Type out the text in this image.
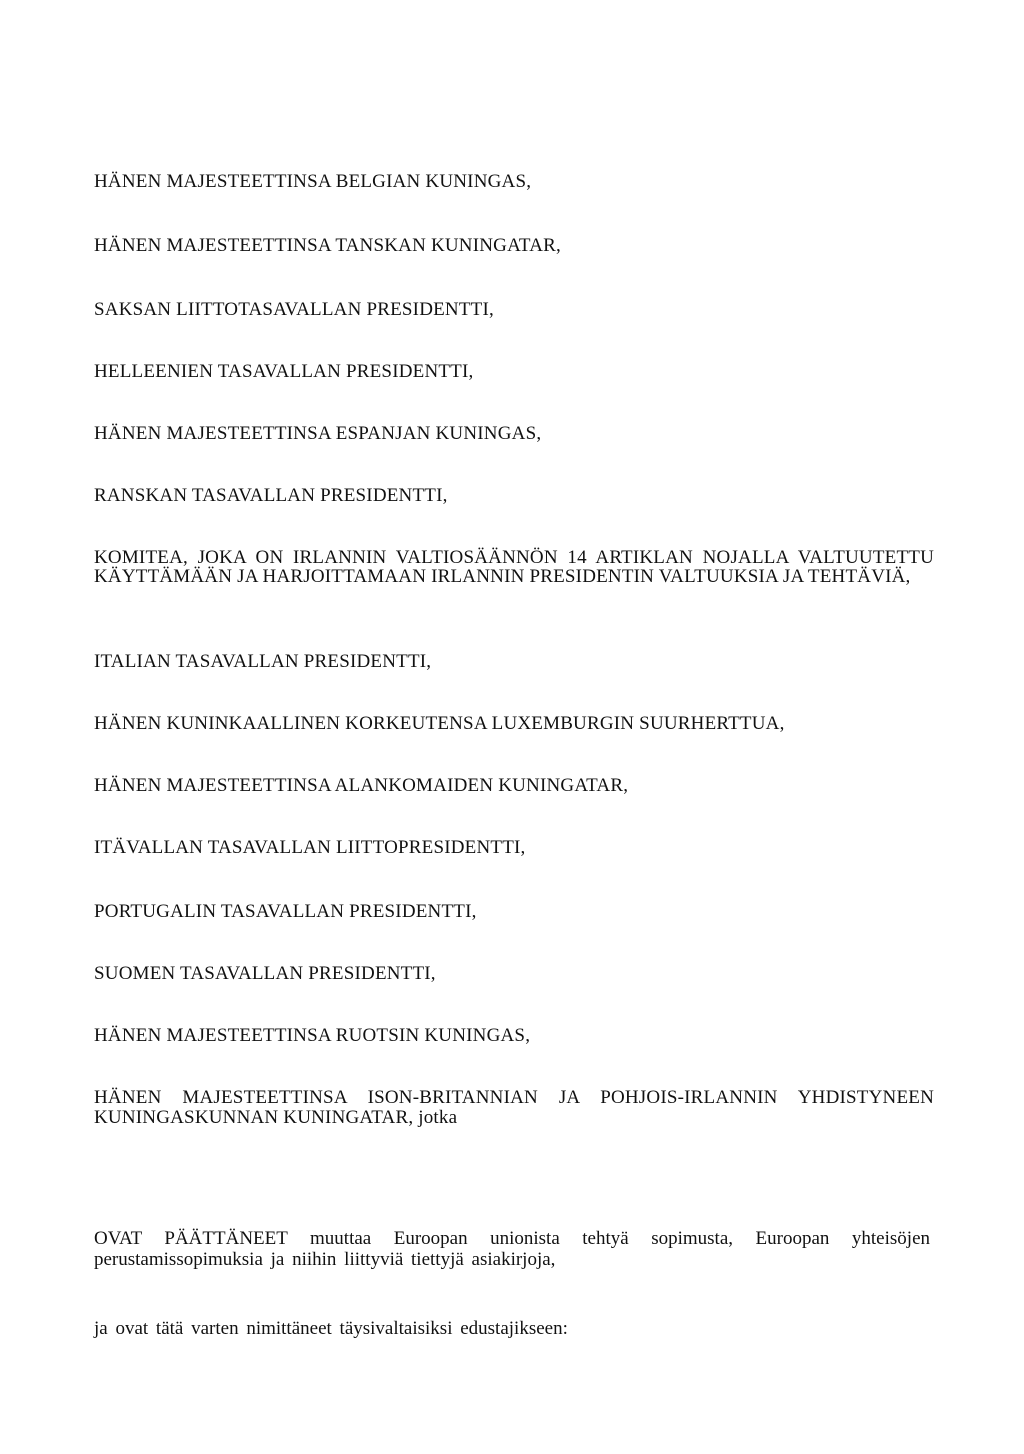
HÄNEN MAJESTEETTINSA BELGIAN KUNINGAS,
HÄNEN MAJESTEETTINSA TANSKAN KUNINGATAR,
SAKSAN LIITTOTASAVALLAN PRESIDENTTI,
HELLEENIEN TASAVALLAN PRESIDENTTI,
HÄNEN MAJESTEETTINSA ESPANJAN KUNINGAS,
RANSKAN TASAVALLAN PRESIDENTTI,
KOMITEA, JOKA ON IRLANNIN VALTIOSÄÄNNÖN 14 ARTIKLAN NOJALLA VALTUUTETTU KÄYTTÄMÄÄN JA HARJOITTAMAAN IRLANNIN PRESIDENTIN VALTUUKSIA JA TEHTÄVIÄ,
ITALIAN TASAVALLAN PRESIDENTTI,
HÄNEN KUNINKAALLINEN KORKEUTENSA LUXEMBURGIN SUURHERTTUA,
HÄNEN MAJESTEETTINSA ALANKOMAIDEN KUNINGATAR,
ITÄVALLAN TASAVALLAN LIITTOPRESIDENTTI,
PORTUGALIN TASAVALLAN PRESIDENTTI,
SUOMEN TASAVALLAN PRESIDENTTI,
HÄNEN MAJESTEETTINSA RUOTSIN KUNINGAS,
HÄNEN MAJESTEETTINSA ISON-BRITANNIAN JA POHJOIS-IRLANNIN YHDISTYNEEN KUNINGASKUNNAN KUNINGATAR, jotka
OVAT PÄÄTTÄNEET muuttaa Euroopan unionista tehtyä sopimusta, Euroopan yhteisöjen perustamissopimuksia ja niihin liittyviä tiettyjä asiakirjoja,
ja ovat tätä varten nimittäneet täysivaltaisiksi edustajikseen:
